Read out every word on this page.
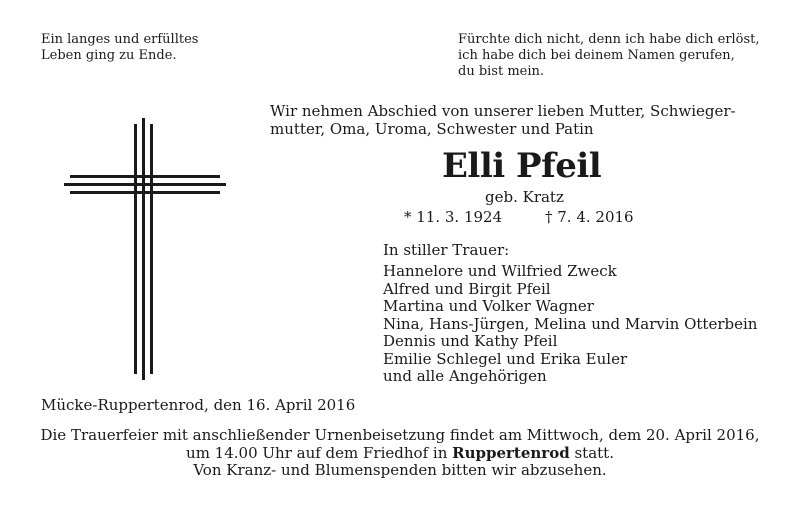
Ein langes und erfülltes
Leben ging zu Ende.
Fürchte dich nicht, denn ich habe dich erlöst,
ich habe dich bei deinem Namen gerufen,
du bist mein.
Wir nehmen Abschied von unserer lieben Mutter, Schwieger-
mutter, Oma, Uroma, Schwester und Patin
Elli Pfeil
geb. Kratz
* 11. 3. 1924	† 7. 4. 2016
In stiller Trauer:
Hannelore und Wilfried Zweck
Alfred und Birgit Pfeil
Martina und Volker Wagner
Nina, Hans-Jürgen, Melina und Marvin Otterbein
Dennis und Kathy Pfeil
Emilie Schlegel und Erika Euler
und alle Angehörigen
Mücke-Ruppertenrod, den 16. April 2016
Die Trauerfeier mit anschließender Urnenbeisetzung findet am Mittwoch, dem 20. April 2016,
um 14.00 Uhr auf dem Friedhof in Ruppertenrod statt.
Von Kranz- und Blumenspenden bitten wir abzusehen.
